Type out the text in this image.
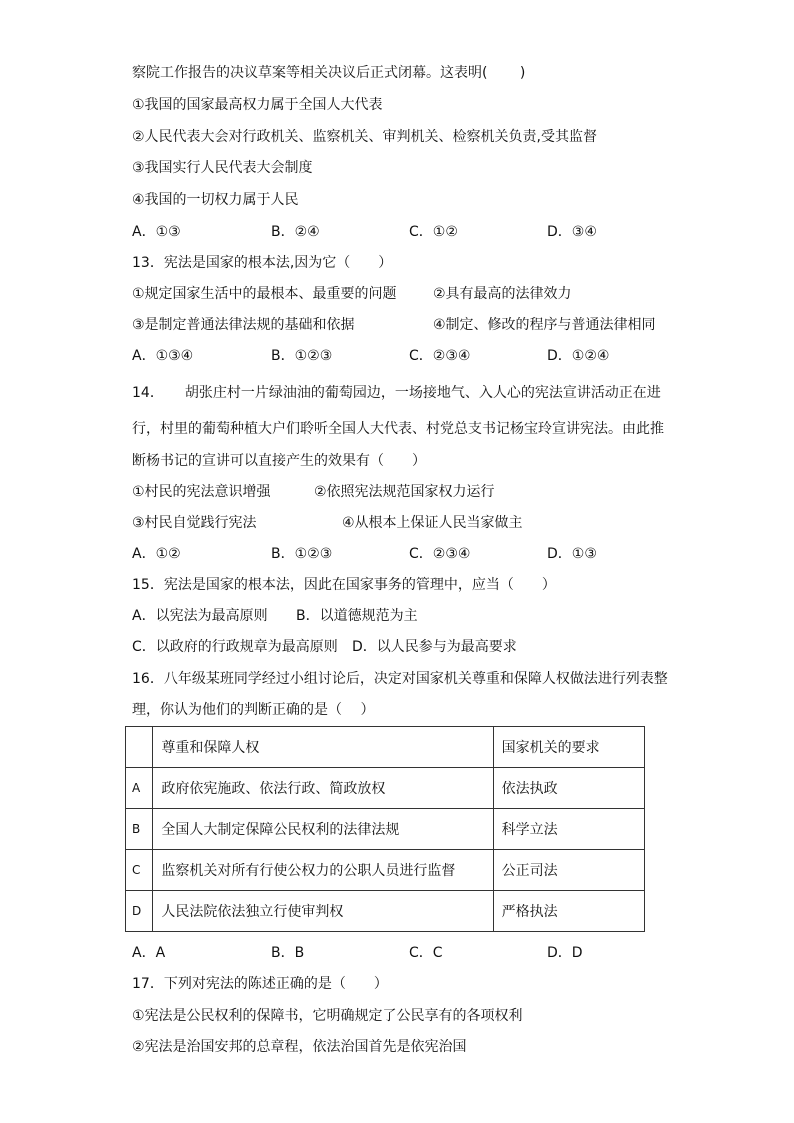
察院工作报告的决议草案等相关决议后正式闭幕。这表明(　　 )
①我国的国家最高权力属于全国人大代表
②人民代表大会对行政机关、监察机关、审判机关、检察机关负责,受其监督
③我国实行人民代表大会制度
④我国的一切权力属于人民
A．①③	B．②④	C．①②	D．③④
13．宪法是国家的根本法,因为它（　　）
①规定国家生活中的最根本、最重要的问题	②具有最高的法律效力
③是制定普通法律法规的基础和依据	④制定、修改的程序与普通法律相同
A．①③④	B．①②③	C．②③④	D．①②④
14．　　胡张庄村一片绿油油的葡萄园边，一场接地气、入人心的宪法宣讲活动正在进
行，村里的葡萄种植大户们聆听全国人大代表、村党总支书记杨宝玲宣讲宪法。由此推
断杨书记的宣讲可以直接产生的效果有（　　）
①村民的宪法意识增强	②依照宪法规范国家权力运行
③村民自觉践行宪法	④从根本上保证人民当家做主
A．①②	B．①②③	C．②③④	D．①③
15．宪法是国家的根本法，因此在国家事务的管理中，应当（　　）
A．以宪法为最高原则 B．以道德规范为主
C．以政府的行政规章为最高原则 D．以人民参与为最高要求
16．八年级某班同学经过小组讨论后，决定对国家机关尊重和保障人权做法进行列表整
理，你认为他们的判断正确的是（　 ）
	尊重和保障人权	国家机关的要求
A	政府依宪施政、依法行政、简政放权	依法执政
B	全国人大制定保障公民权利的法律法规	科学立法
C	监察机关对所有行使公权力的公职人员进行监督	公正司法
D	人民法院依法独立行使审判权	严格执法
A．A	B．B	C．C	D．D
17．下列对宪法的陈述正确的是（　　）
①宪法是公民权利的保障书，它明确规定了公民享有的各项权利
②宪法是治国安邦的总章程，依法治国首先是依宪治国
